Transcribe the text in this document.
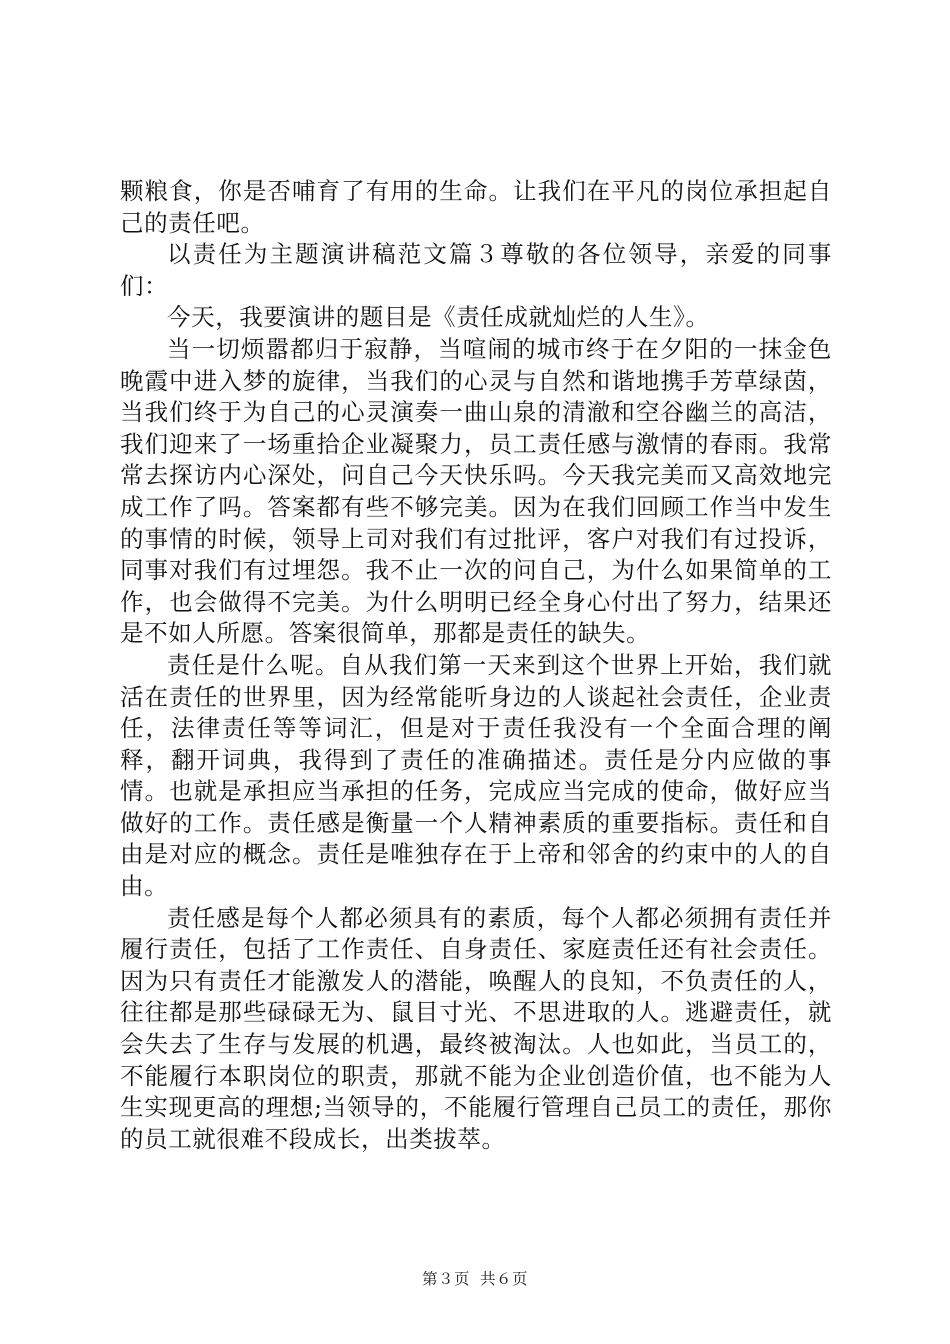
颗粮食，你是否哺育了有用的生命。让我们在平凡的岗位承担起自己的责任吧。

以责任为主题演讲稿范文篇３尊敬的各位领导，亲爱的同事们：

今天，我要演讲的题目是《责任成就灿烂的人生》。

当一切烦嚣都归于寂静，当喧闹的城市终于在夕阳的一抹金色晚霞中进入梦的旋律，当我们的心灵与自然和谐地携手芳草绿茵，当我们终于为自己的心灵演奏一曲山泉的清澈和空谷幽兰的高洁，我们迎来了一场重拾企业凝聚力，员工责任感与激情的春雨。我常常去探访内心深处，问自己今天快乐吗。今天我完美而又高效地完成工作了吗。答案都有些不够完美。因为在我们回顾工作当中发生的事情的时候，领导上司对我们有过批评，客户对我们有过投诉，同事对我们有过埋怨。我不止一次的问自己，为什么如果简单的工作，也会做得不完美。为什么明明已经全身心付出了努力，结果还是不如人所愿。答案很简单，那都是责任的缺失。

责任是什么呢。自从我们第一天来到这个世界上开始，我们就活在责任的世界里，因为经常能听身边的人谈起社会责任，企业责任，法律责任等等词汇，但是对于责任我没有一个全面合理的阐释，翻开词典，我得到了责任的准确描述。责任是分内应做的事情。也就是承担应当承担的任务，完成应当完成的使命，做好应当做好的工作。责任感是衡量一个人精神素质的重要指标。责任和自由是对应的概念。责任是唯独存在于上帝和邻舍的约束中的人的自由。

责任感是每个人都必须具有的素质，每个人都必须拥有责任并履行责任，包括了工作责任、自身责任、家庭责任还有社会责任。因为只有责任才能激发人的潜能，唤醒人的良知，不负责任的人，往往都是那些碌碌无为、鼠目寸光、不思进取的人。逃避责任，就会失去了生存与发展的机遇，最终被淘汰。人也如此，当员工的，不能履行本职岗位的职责，那就不能为企业创造价值，也不能为人生实现更高的理想;当领导的，不能履行管理自己员工的责任，那你的员工就很难不段成长，出类拔萃。

第３页 共６页
